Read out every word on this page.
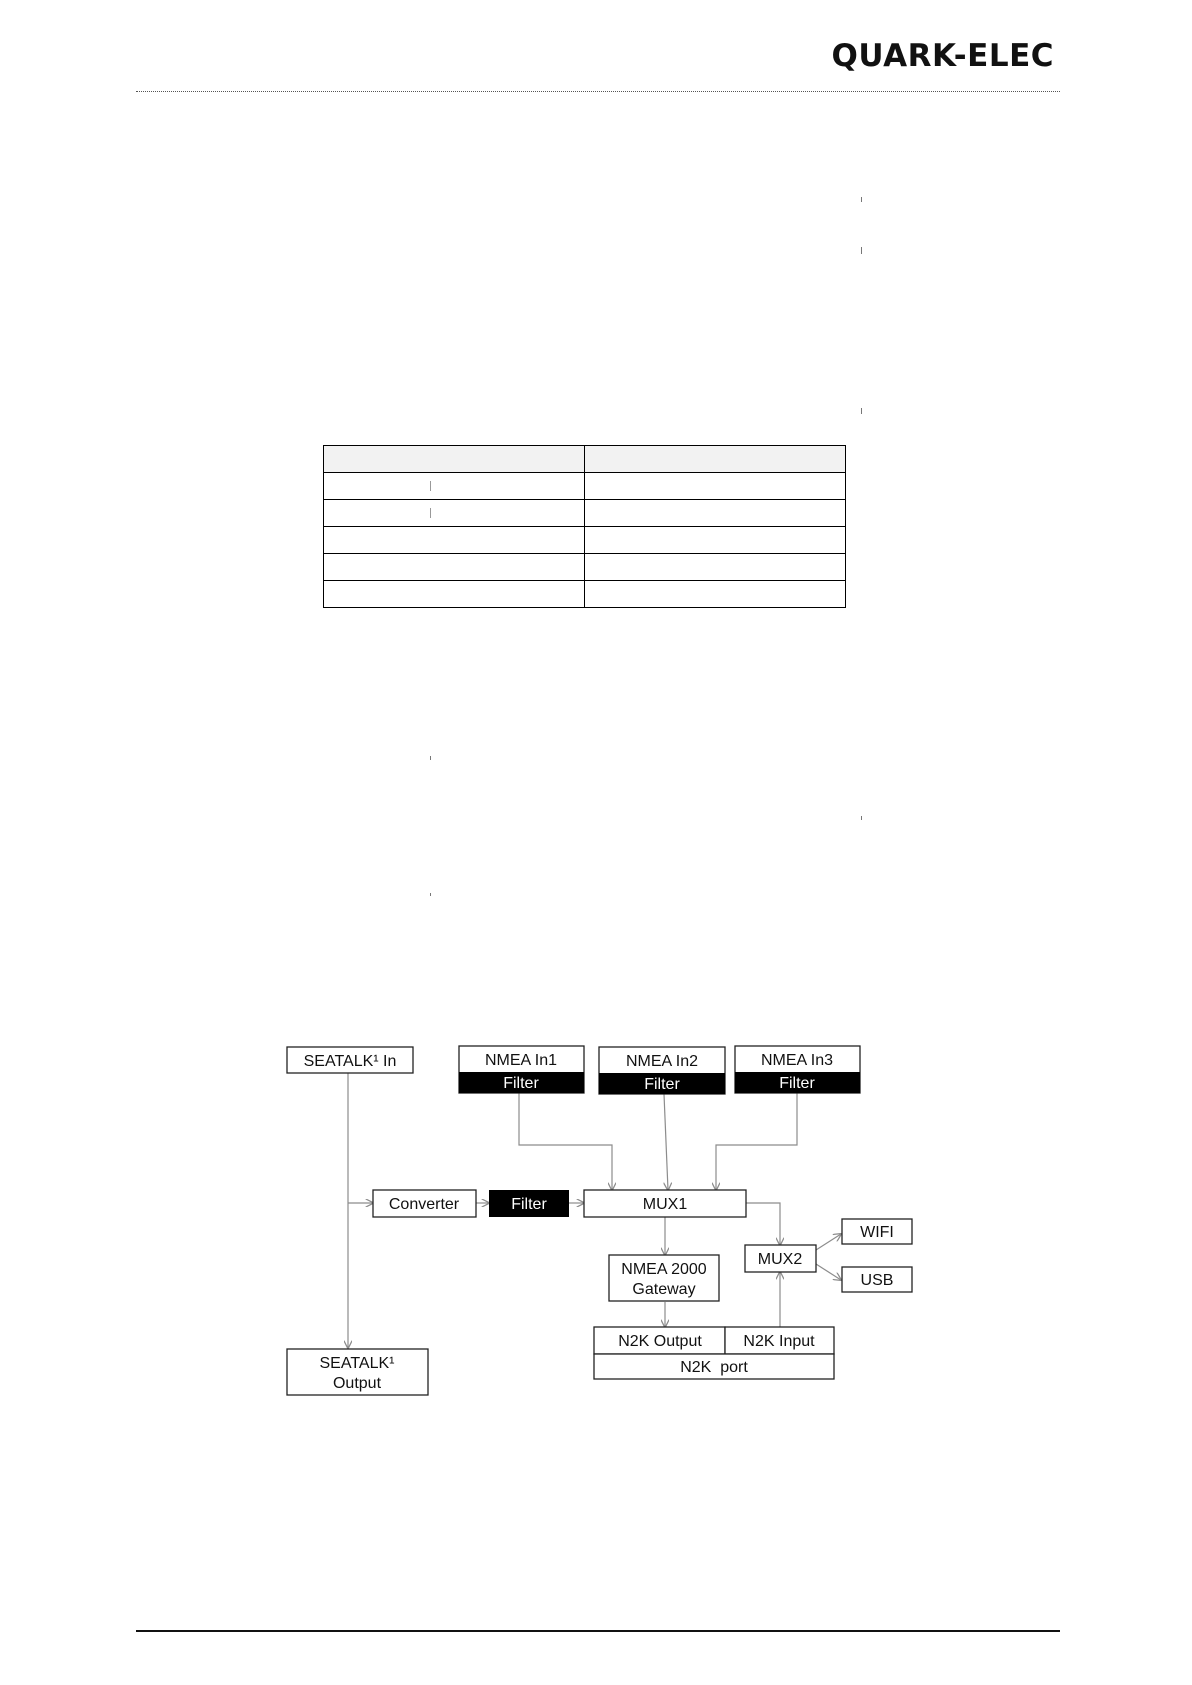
QUARK-ELEC

SEATALK¹ In	NMEA In1	NMEA In2	NMEA In3
Converter	MUX1
MUX2
WIFI
USB
NMEA 2000
Gateway
N2K Output	N2K Input
N2K  port
SEATALK¹
Output
Filter	Filter	Filter
Filter
